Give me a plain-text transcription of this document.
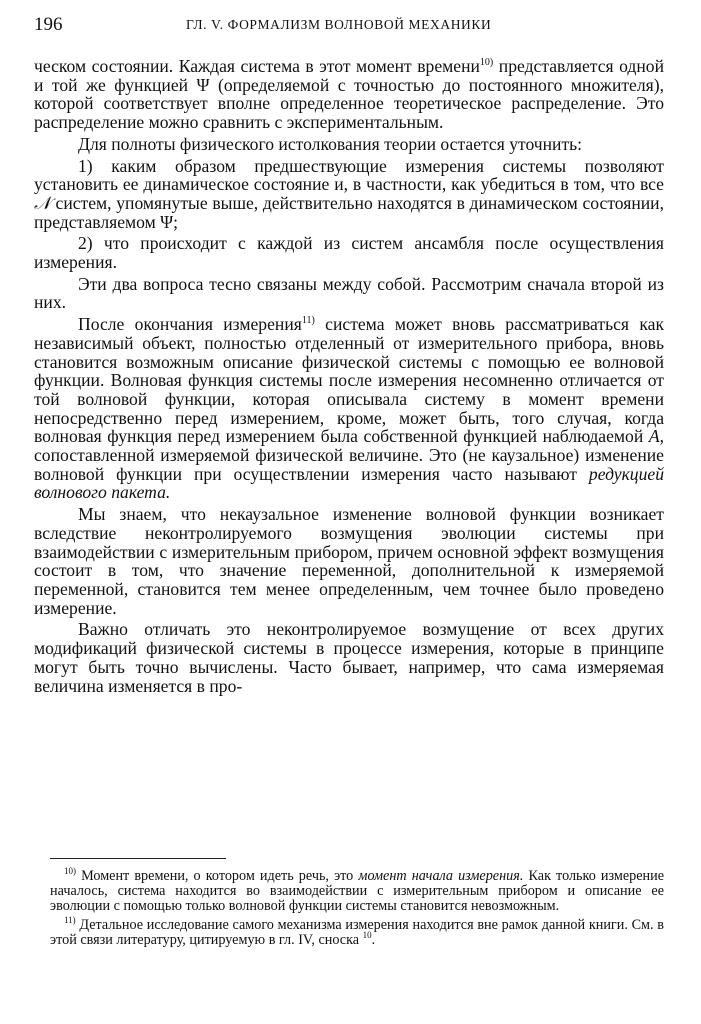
196	ГЛ. V. ФОРМАЛИЗМ ВОЛНОВОЙ МЕХАНИКИ

ческом состоянии. Каждая система в этот момент времени$^{10)}$ представляется одной и той же функцией Ψ (определяемой с точностью до постоянного множителя), которой соответствует вполне определенное теоретическое распределение. Это распределение можно сравнить с экспериментальным.

Для полноты физического истолкования теории остается уточнить:

1) каким образом предшествующие измерения системы позволяют установить ее динамическое состояние и, в частности, как убедиться в том, что все 𝒩 систем, упомянутые выше, действительно находятся в динамическом состоянии, представляемом Ψ;

2) что происходит с каждой из систем ансамбля после осуществления измерения.

Эти два вопроса тесно связаны между собой. Рассмотрим сначала второй из них.

После окончания измерения$^{11)}$ система может вновь рассматриваться как независимый объект, полностью отделенный от измерительного прибора, вновь становится возможным описание физической системы с помощью ее волновой функции. Волновая функция системы после измерения несомненно отличается от той волновой функции, которая описывала систему в момент времени непосредственно перед измерением, кроме, может быть, того случая, когда волновая функция перед измерением была собственной функцией наблюдаемой A, сопоставленной измеряемой физической величине. Это (не каузальное) изменение волновой функции при осуществлении измерения часто называют редукцией волнового пакета.

Мы знаем, что некаузальное изменение волновой функции возникает вследствие неконтролируемого возмущения эволюции системы при взаимодействии с измерительным прибором, причем основной эффект возмущения состоит в том, что значение переменной, дополнительной к измеряемой переменной, становится тем менее определенным, чем точнее было проведено измерение.

Важно отличать это неконтролируемое возмущение от всех других модификаций физической системы в процессе измерения, которые в принципе могут быть точно вычислены. Часто бывает, например, что сама измеряемая величина изменяется в про-

$^{10)}$ Момент времени, о котором идеть речь, это момент начала измерения. Как только измерение началось, система находится во взаимодействии с измерительным прибором и описание ее эволюции с помощью только волновой функции системы становится невозможным.

$^{11)}$ Детальное исследование самого механизма измерения находится вне рамок данной книги. См. в этой связи литературу, цитируемую в гл. IV, сноска $^{10}$.
